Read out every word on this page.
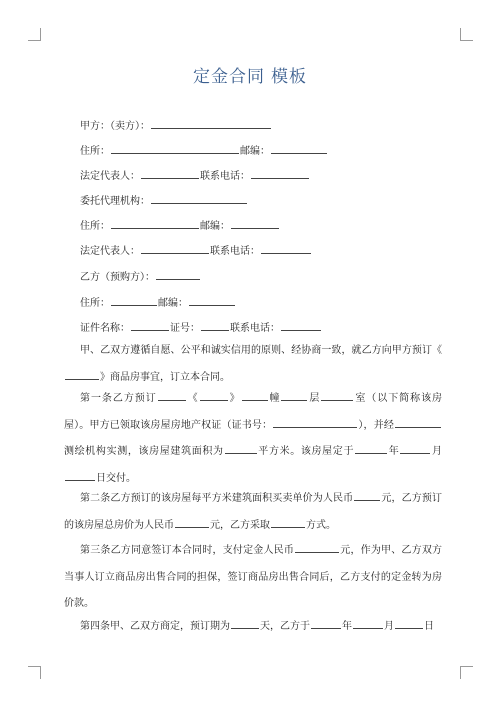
定金合同 模板
甲方：（卖方）：
住所：	邮编：
法定代表人：	联系电话：
委托代理机构：
住所：	邮编：
法定代表人：	联系电话：
乙方（预购方）：
住所：	邮编：
证件名称：	证号：	联系电话：
甲、乙双方遵循自愿、公平和诚实信用的原则、经协商一致，就乙方向甲方预订《》商品房事宜，订立本合同。
第一条乙方预订	《	》	幢	层	室（以下简称该房屋）。甲方已领取该房屋房地产权证（证书号：	），并经测绘机构实测，该房屋建筑面积为	平方米。该房屋定于	年	月日交付。
第二条乙方预订的该房屋每平方米建筑面积买卖单价为人民币	元，乙方预订的该房屋总房价为人民币	元，乙方采取	方式。
第三条乙方同意签订本合同时，支付定金人民币	元，作为甲、乙方双方当事人订立商品房出售合同的担保，签订商品房出售合同后，乙方支付的定金转为房价款。
第四条甲、乙双方商定，预订期为	天，乙方于	年	月	日
